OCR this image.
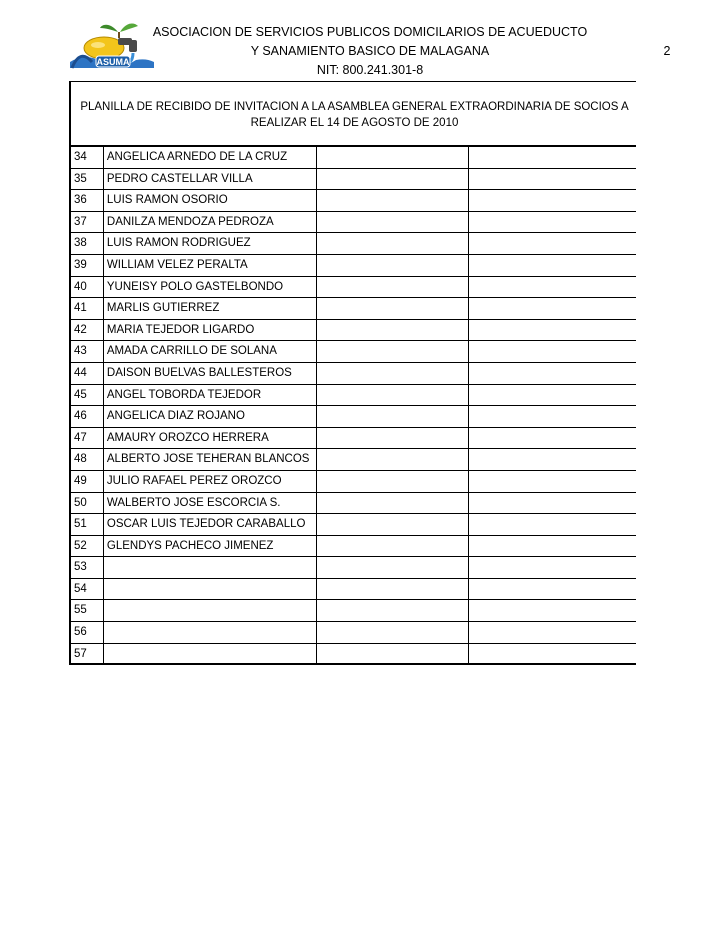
ASUMA
ASOCIACION DE SERVICIOS PUBLICOS DOMICILARIOS DE ACUEDUCTO
Y SANAMIENTO BASICO DE MALAGANA
NIT: 800.241.301-8
2
PLANILLA DE RECIBIDO DE INVITACION A LA ASAMBLEA GENERAL EXTRAORDINARIA DE SOCIOS A
REALIZAR EL 14 DE AGOSTO DE 2010
34	ANGELICA ARNEDO DE LA CRUZ
35	PEDRO CASTELLAR VILLA
36	LUIS RAMON OSORIO
37	DANILZA MENDOZA PEDROZA
38	LUIS RAMON RODRIGUEZ
39	WILLIAM VELEZ PERALTA
40	YUNEISY POLO GASTELBONDO
41	MARLIS GUTIERREZ
42	MARIA TEJEDOR LIGARDO
43	AMADA CARRILLO DE SOLANA
44	DAISON BUELVAS BALLESTEROS
45	ANGEL TOBORDA TEJEDOR
46	ANGELICA DIAZ ROJANO
47	AMAURY OROZCO HERRERA
48	ALBERTO JOSE TEHERAN BLANCOS
49	JULIO RAFAEL PEREZ OROZCO
50	WALBERTO JOSE ESCORCIA S.
51	OSCAR LUIS TEJEDOR CARABALLO
52	GLENDYS PACHECO JIMENEZ
53
54
55
56
57
